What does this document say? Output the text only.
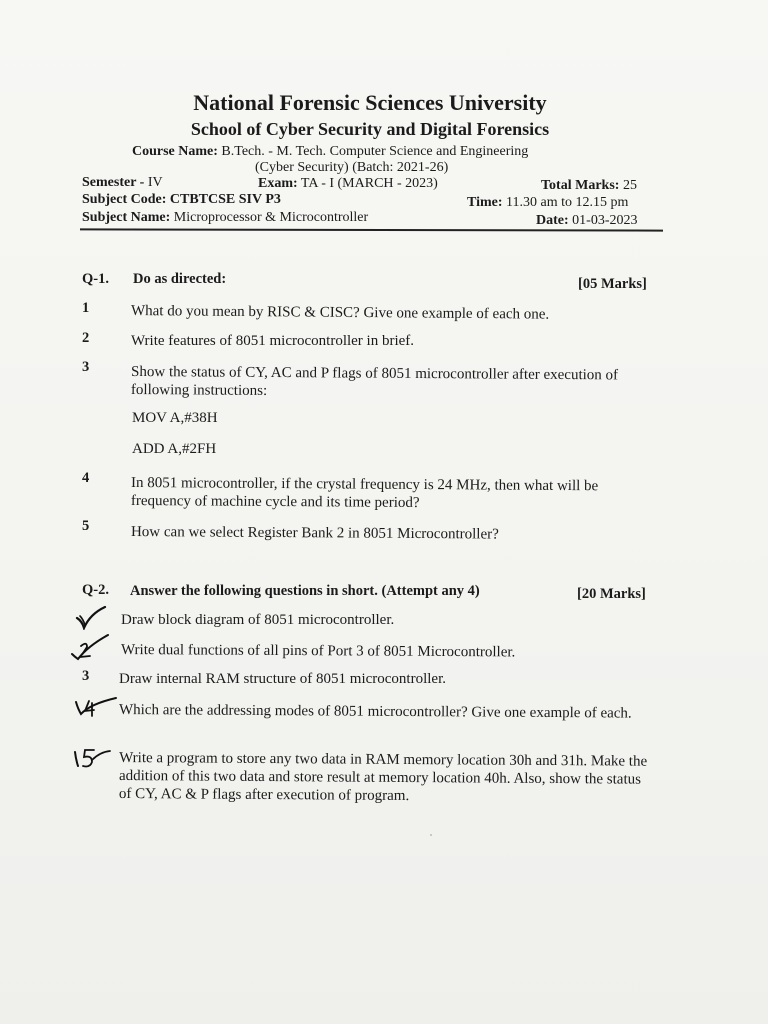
National Forensic Sciences University
School of Cyber Security and Digital Forensics
Course Name: B.Tech. - M. Tech. Computer Science and Engineering
(Cyber Security) (Batch: 2021-26)
Semester - IV	Exam: TA - I (MARCH - 2023)	Total Marks: 25
Subject Code: CTBTCSE SIV P3	Time: 11.30 am to 12.15 pm
Subject Name: Microprocessor & Microcontroller	Date: 01-03-2023
Q-1. Do as directed:	[05 Marks]
1	What do you mean by RISC & CISC? Give one example of each one.
2	Write features of 8051 microcontroller in brief.
3	Show the status of CY, AC and P flags of 8051 microcontroller after execution of following instructions:
MOV A,#38H
ADD A,#2FH
4	In 8051 microcontroller, if the crystal frequency is 24 MHz, then what will be frequency of machine cycle and its time period?
5	How can we select Register Bank 2 in 8051 Microcontroller?
Q-2. Answer the following questions in short. (Attempt any 4)	[20 Marks]
Draw block diagram of 8051 microcontroller.
Write dual functions of all pins of Port 3 of 8051 Microcontroller.
3 Draw internal RAM structure of 8051 microcontroller.
Which are the addressing modes of 8051 microcontroller? Give one example of each.
Write a program to store any two data in RAM memory location 30h and 31h. Make the addition of this two data and store result at memory location 40h. Also, show the status of CY, AC & P flags after execution of program.
